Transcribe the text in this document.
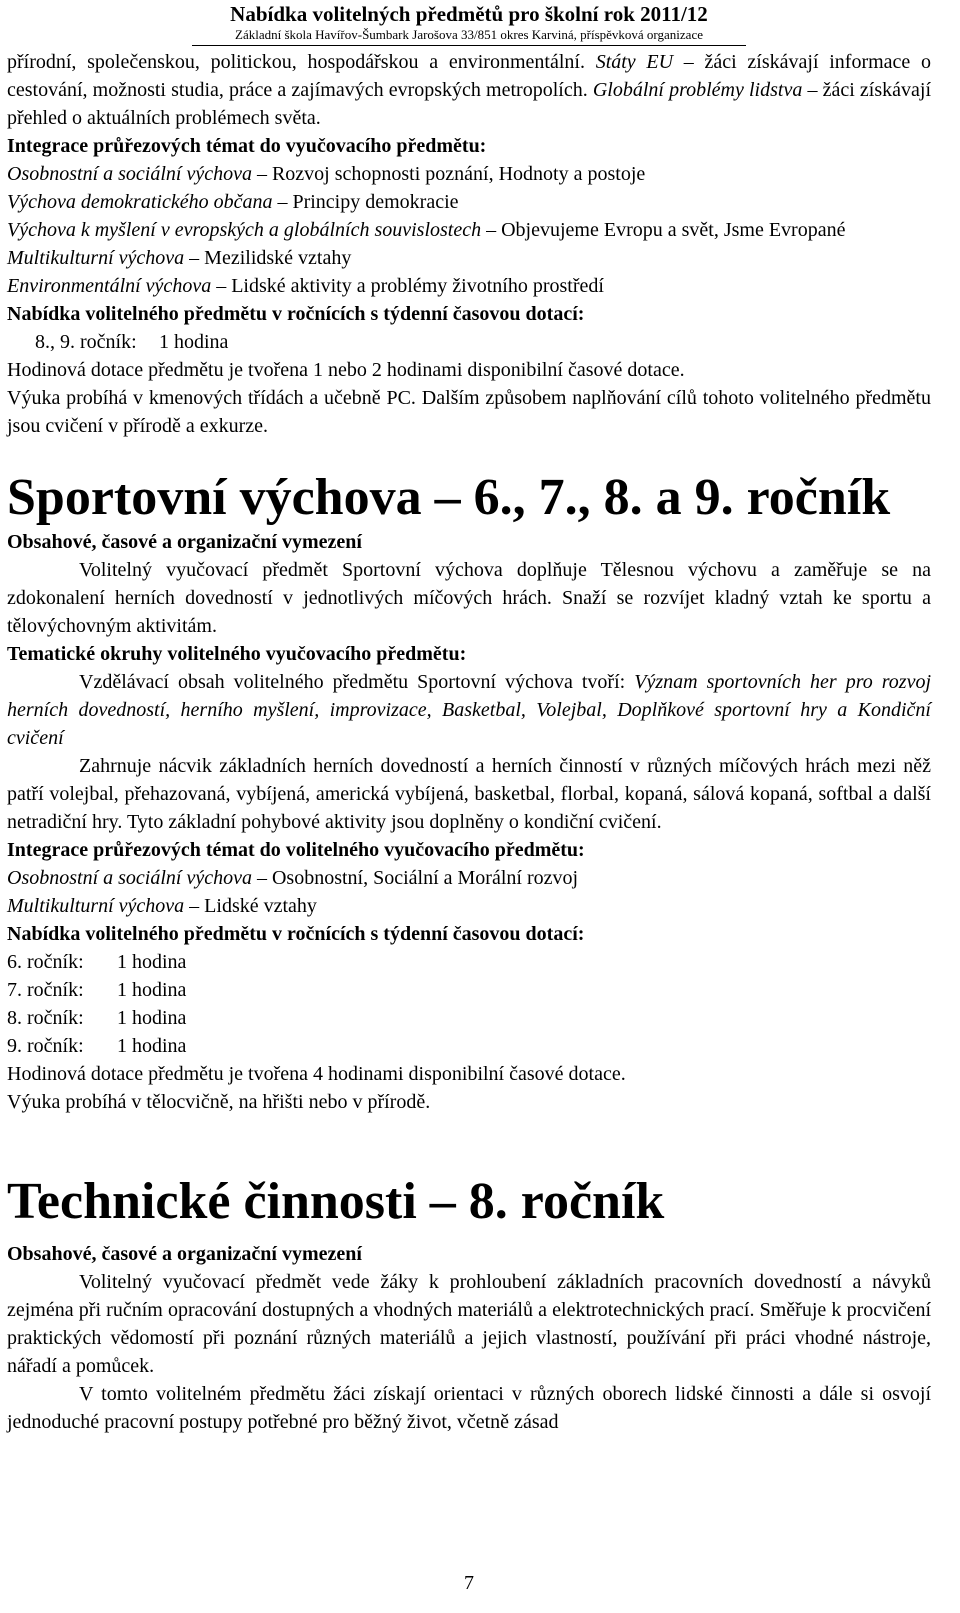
Nabídka volitelných předmětů pro školní rok 2011/12
Základní škola Havířov-Šumbark Jarošova 33/851 okres Karviná, příspěvková organizace

přírodní, společenskou, politickou, hospodářskou a environmentální. Státy EU – žáci získávají informace o cestování, možnosti studia, práce a zajímavých evropských metropolích. Globální problémy lidstva – žáci získávají přehled o aktuálních problémech světa.

Integrace průřezových témat do vyučovacího předmětu:

Osobnostní a sociální výchova – Rozvoj schopnosti poznání, Hodnoty a postoje

Výchova demokratického občana – Principy demokracie

Výchova k myšlení v evropských a globálních souvislostech – Objevujeme Evropu a svět, Jsme Evropané

Multikulturní výchova – Mezilidské vztahy

Environmentální výchova – Lidské aktivity a problémy životního prostředí

Nabídka volitelného předmětu v ročnících s týdenní časovou dotací:

8., 9. ročník: 1 hodina

Hodinová dotace předmětu je tvořena 1 nebo 2 hodinami disponibilní časové dotace.

Výuka probíhá v kmenových třídách a učebně PC. Dalším způsobem naplňování cílů tohoto volitelného předmětu jsou cvičení v přírodě a exkurze.

Sportovní výchova – 6., 7., 8. a 9. ročník

Obsahové, časové a organizační vymezení

Volitelný vyučovací předmět Sportovní výchova doplňuje Tělesnou výchovu a zaměřuje se na zdokonalení herních dovedností v jednotlivých míčových hrách. Snaží se rozvíjet kladný vztah ke sportu a tělovýchovným aktivitám.

Tematické okruhy volitelného vyučovacího předmětu:

Vzdělávací obsah volitelného předmětu Sportovní výchova tvoří: Význam sportovních her pro rozvoj herních dovedností, herního myšlení, improvizace, Basketbal, Volejbal, Doplňkové sportovní hry a Kondiční cvičení

Zahrnuje nácvik základních herních dovedností a herních činností v různých míčových hrách mezi něž patří volejbal, přehazovaná, vybíjená, americká vybíjená, basketbal, florbal, kopaná, sálová kopaná, softbal a další netradiční hry. Tyto základní pohybové aktivity jsou doplněny o kondiční cvičení.

Integrace průřezových témat do volitelného vyučovacího předmětu:

Osobnostní a sociální výchova – Osobnostní, Sociální a Morální rozvoj

Multikulturní výchova – Lidské vztahy

Nabídka volitelného předmětu v ročnících s týdenní časovou dotací:

6. ročník: 1 hodina

7. ročník: 1 hodina

8. ročník: 1 hodina

9. ročník: 1 hodina

Hodinová dotace předmětu je tvořena 4 hodinami disponibilní časové dotace.

Výuka probíhá v tělocvičně, na hřišti nebo v přírodě.

Technické činnosti – 8. ročník

Obsahové, časové a organizační vymezení

Volitelný vyučovací předmět vede žáky k prohloubení základních pracovních dovedností a návyků zejména při ručním opracování dostupných a vhodných materiálů a elektrotechnických prací. Směřuje k procvičení praktických vědomostí při poznání různých materiálů a jejich vlastností, používání při práci vhodné nástroje, nářadí a pomůcek.

V tomto volitelném předmětu žáci získají orientaci v různých oborech lidské činnosti a dále si osvojí jednoduché pracovní postupy potřebné pro běžný život, včetně zásad

7
